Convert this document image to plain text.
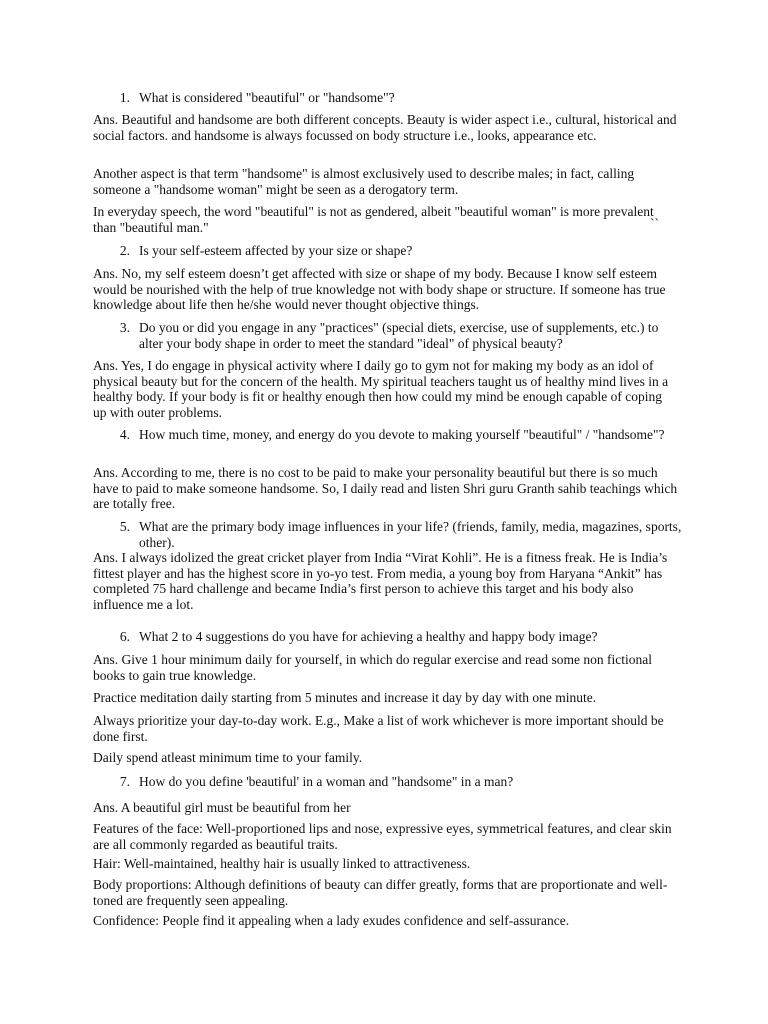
1. What is considered "beautiful" or "handsome"?

Ans. Beautiful and handsome are both different concepts. Beauty is wider aspect i.e., cultural, historical and social factors. and handsome is always focussed on body structure i.e., looks, appearance etc.

Another aspect is that term "handsome" is almost exclusively used to describe males; in fact, calling someone a "handsome woman" might be seen as a derogatory term.

In everyday speech, the word "beautiful" is not as gendered, albeit "beautiful woman" is more prevalent than "beautiful man."	``
2. Is your self-esteem affected by your size or shape?

Ans. No, my self esteem doesn’t get affected with size or shape of my body. Because I know self esteem would be nourished with the help of true knowledge not with body shape or structure. If someone has true knowledge about life then he/she would never thought objective things.

3. Do you or did you engage in any "practices" (special diets, exercise, use of supplements, etc.) to alter your body shape in order to meet the standard "ideal" of physical beauty?

Ans. Yes, I do engage in physical activity where I daily go to gym not for making my body as an idol of physical beauty but for the concern of the health. My spiritual teachers taught us of healthy mind lives in a healthy body. If your body is fit or healthy enough then how could my mind be enough capable of coping up with outer problems.

4. How much time, money, and energy do you devote to making yourself "beautiful" / "handsome"?

Ans. According to me, there is no cost to be paid to make your personality beautiful but there is so much have to paid to make someone handsome. So, I daily read and listen Shri guru Granth sahib teachings which are totally free.

5. What are the primary body image influences in your life? (friends, family, media, magazines, sports, other).

Ans. I always idolized the great cricket player from India “Virat Kohli”. He is a fitness freak. He is India’s fittest player and has the highest score in yo-yo test. From media, a young boy from Haryana “Ankit” has completed 75 hard challenge and became India’s first person to achieve this target and his body also influence me a lot.

6. What 2 to 4 suggestions do you have for achieving a healthy and happy body image?

Ans. Give 1 hour minimum daily for yourself, in which do regular exercise and read some non fictional books to gain true knowledge.

Practice meditation daily starting from 5 minutes and increase it day by day with one minute.

Always prioritize your day-to-day work. E.g., Make a list of work whichever is more important should be done first.

Daily spend atleast minimum time to your family.

7. How do you define 'beautiful' in a woman and "handsome" in a man?

Ans. A beautiful girl must be beautiful from her

Features of the face: Well-proportioned lips and nose, expressive eyes, symmetrical features, and clear skin are all commonly regarded as beautiful traits.

Hair: Well-maintained, healthy hair is usually linked to attractiveness.

Body proportions: Although definitions of beauty can differ greatly, forms that are proportionate and well-toned are frequently seen appealing.

Confidence: People find it appealing when a lady exudes confidence and self-assurance.
